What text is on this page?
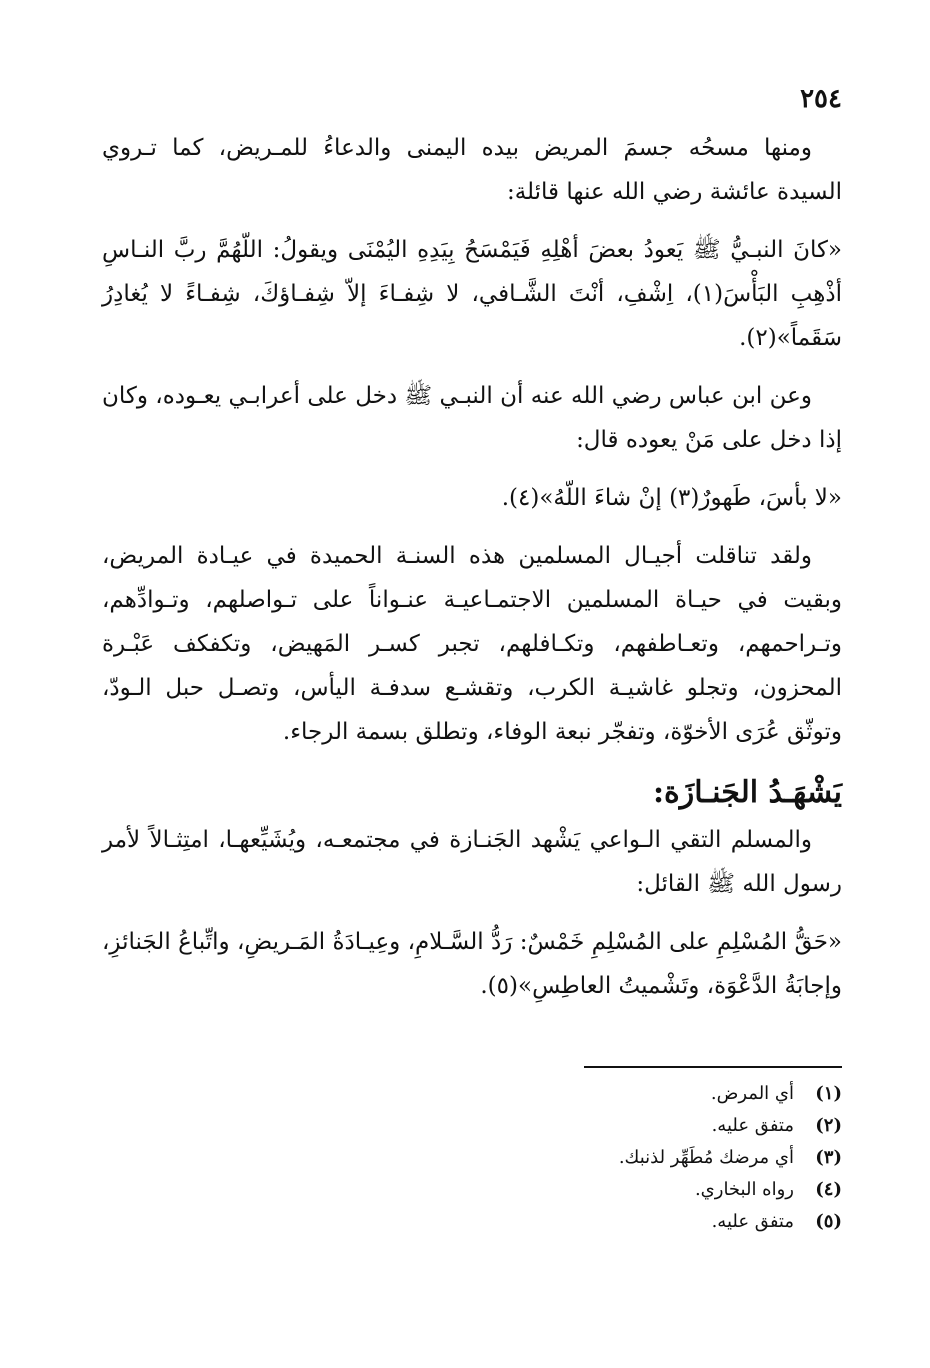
٢٥٤

ومنها مسحُه جسمَ المريض بيده اليمنى والدعاءُ للمـريض، كما تـروي السيدة عائشة رضي الله عنها قائلة:

«كانَ النبـيُّ ﷺ يَعودُ بعضَ أهْلِهِ فَيَمْسَحُ بِيَدِهِ اليُمْنَى ويقولُ: اللّهُمَّ ربَّ النـاسِ أذْهِبِ البَأْسَ(١)، اِشْفِ، أنْتَ الشَّـافي، لا شِفـاءَ إلاّ شِفـاؤكَ، شِفـاءً لا يُغادِرُ سَقَماً»(٢).

وعن ابن عباس رضي الله عنه أن النبـي ﷺ دخل على أعرابـي يعـوده، وكان إذا دخل على مَنْ يعوده قال:

«لا بأسَ، طَهورٌ(٣) إنْ شاءَ اللّهُ»(٤).

ولقد تناقلت أجيـال المسلمين هذه السنـة الحميدة في عيـادة المريض، وبقيت في حيـاة المسلمين الاجتمـاعيـة عنـواناً على تـواصلهم، وتـوادِّهم، وتـراحمهم، وتعـاطفهم، وتكـافلهم، تجبر كسـر المَهيض، وتكفكف عَبْـرة المحزون، وتجلو غاشيـة الكرب، وتقشـع سدفـة اليأس، وتصـل حبل الـودّ، وتوثّق عُرَى الأخوّة، وتفجّر نبعة الوفاء، وتطلق بسمة الرجاء.

يَشْهَـدُ الجَنـازَة:

والمسلم التقي الـواعي يَشْهد الجَنـازة في مجتمعـه، ويُشَيِّعهـا، امتِثـالاً لأمر رسول الله ﷺ القائل:

«حَقُّ المُسْلِمِ على المُسْلِمِ خَمْسٌ: رَدُّ السَّـلامِ، وعِيـادَةُ المَـريضِ، واتِّباعُ الجَنائزِ، وإجابَةُ الدَّعْوَة، وتَشْميتُ العاطِسِ»(٥).

(١)
أي المرض.
(٢)
متفق عليه.
(٣)
أي مرضك مُطَهِّر لذنبك.
(٤)
رواه البخاري.
(٥)
متفق عليه.
